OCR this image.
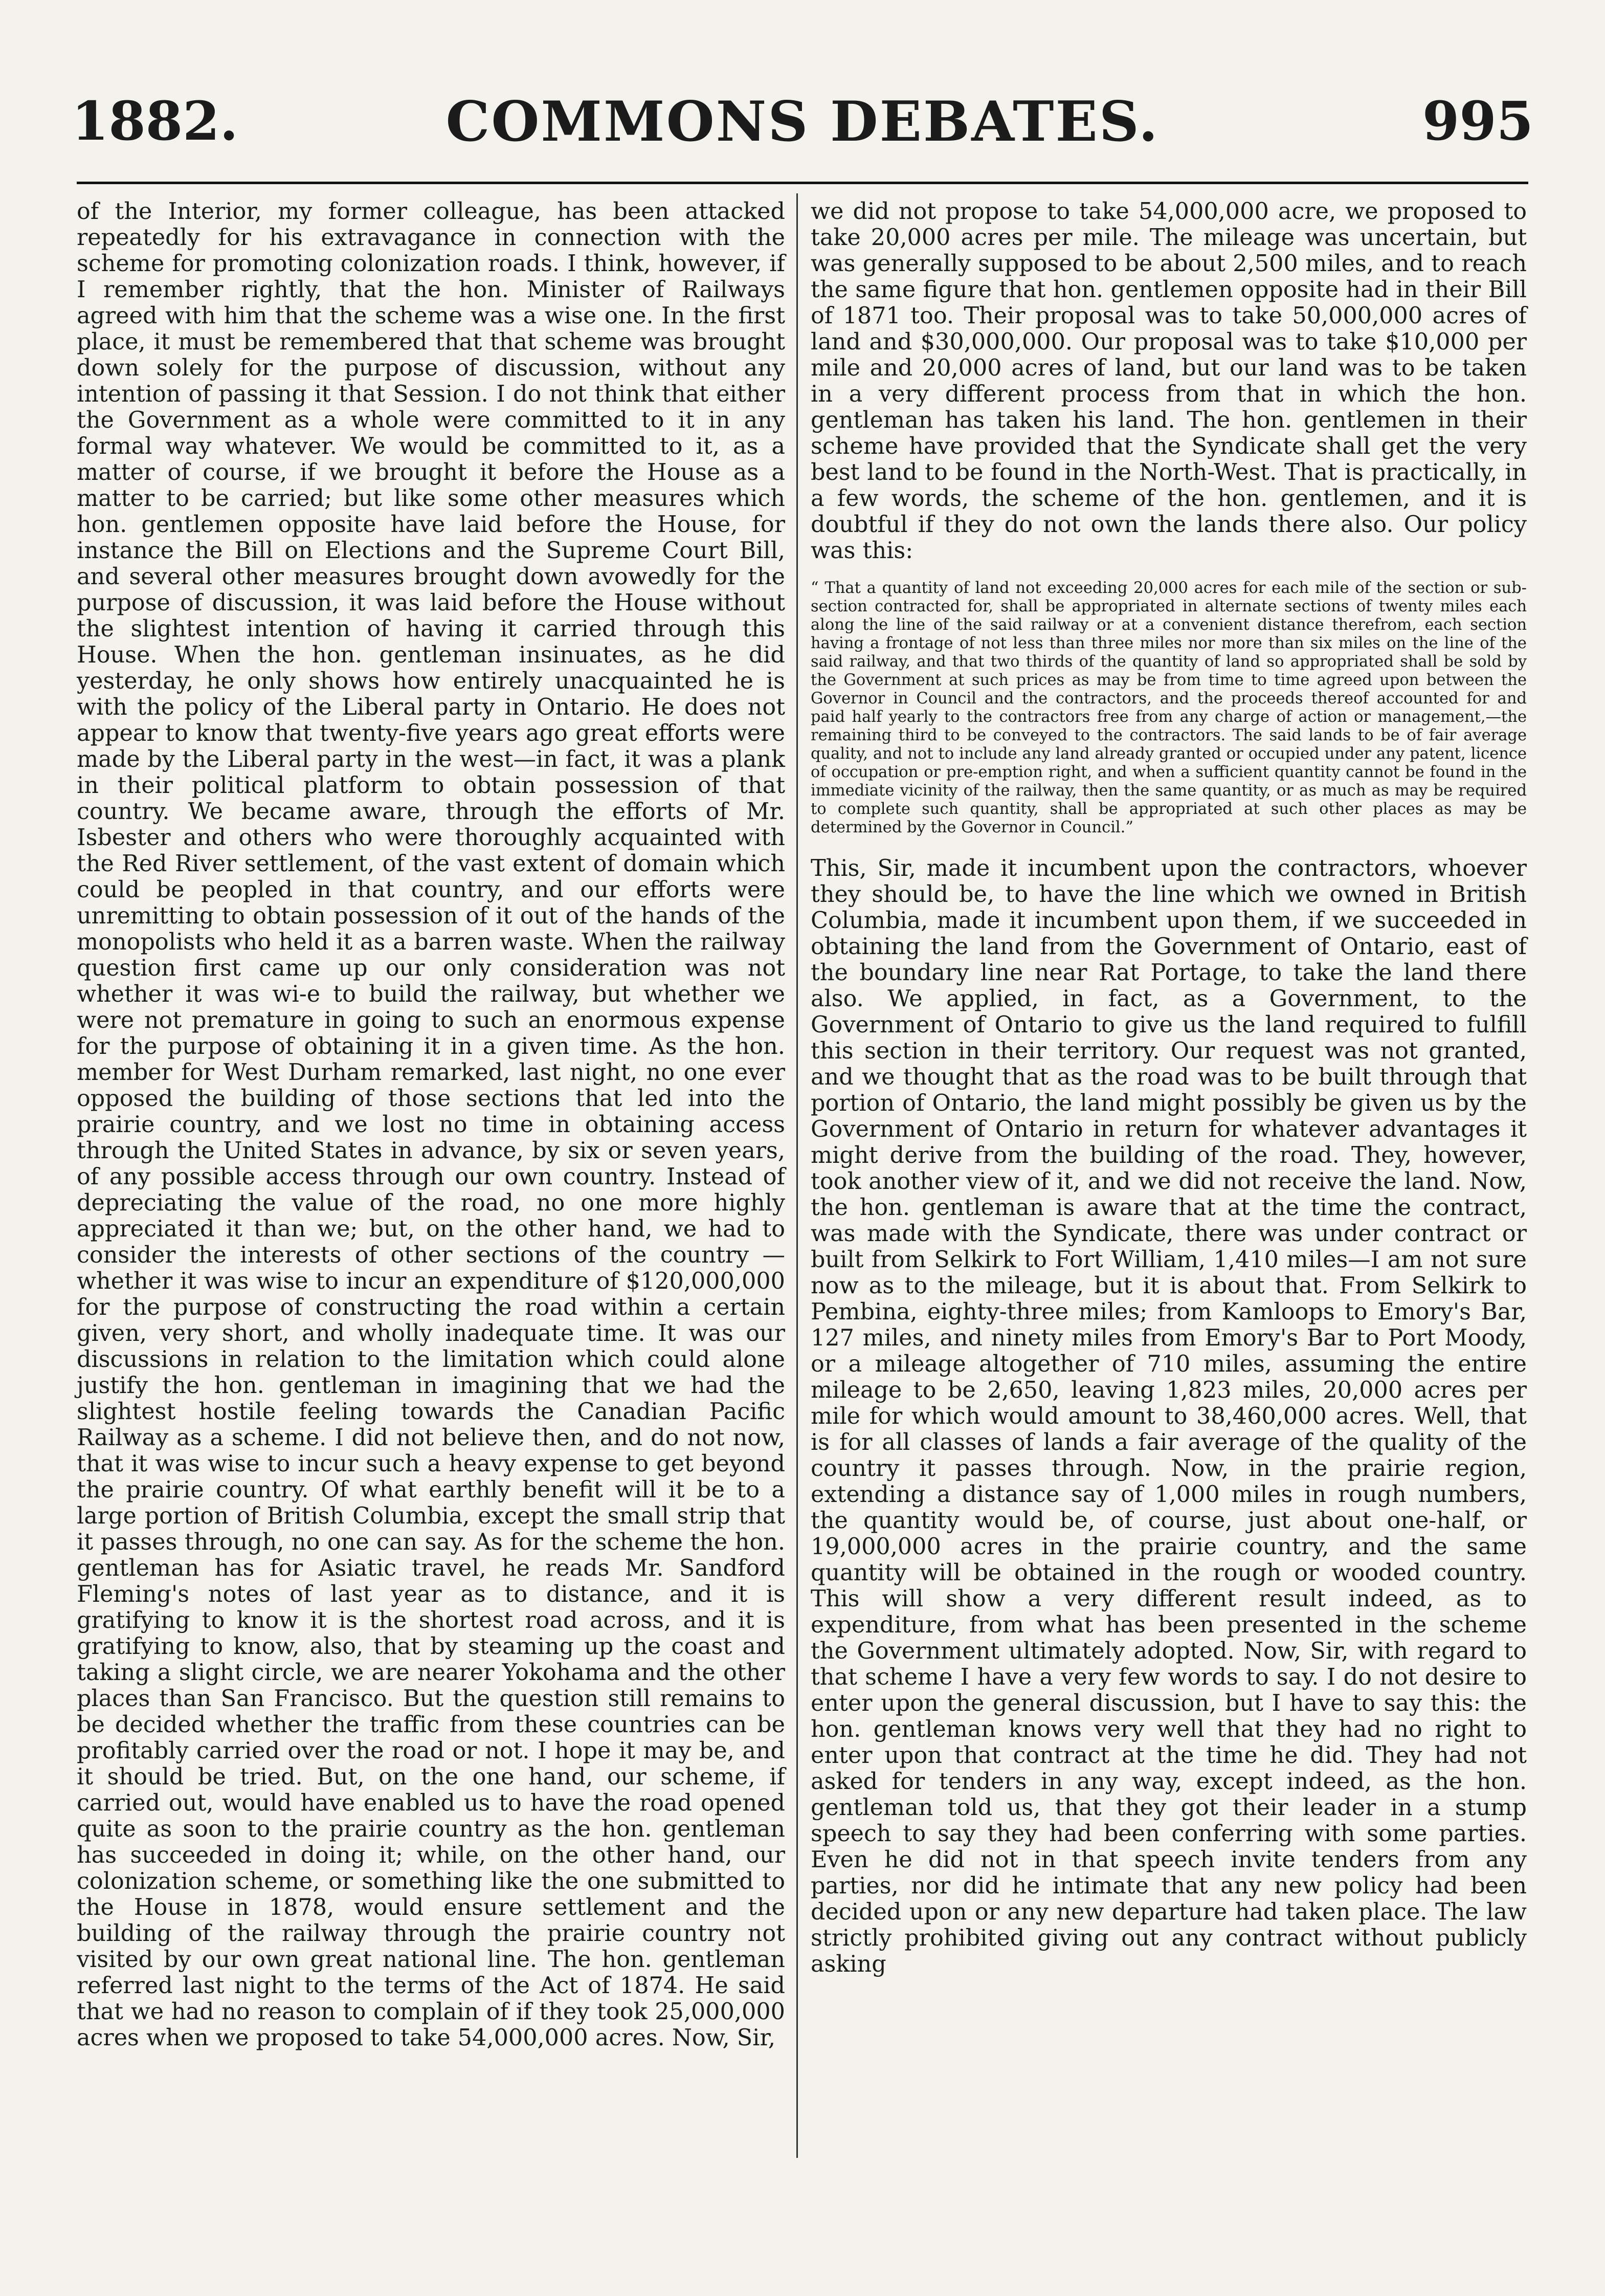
1882.	COMMONS DEBATES.	995

of the Interior, my former colleague, has been attacked repeatedly for his extravagance in connection with the scheme for promoting colonization roads. I think, however, if I remember rightly, that the hon. Minister of Railways agreed with him that the scheme was a wise one. In the first place, it must be remembered that that scheme was brought down solely for the purpose of discussion, without any intention of passing it that Session. I do not think that either the Government as a whole were committed to it in any formal way whatever. We would be committed to it, as a matter of course, if we brought it before the House as a matter to be carried; but like some other measures which hon. gentlemen opposite have laid before the House, for instance the Bill on Elections and the Supreme Court Bill, and several other measures brought down avowedly for the purpose of discussion, it was laid before the House without the slightest intention of having it carried through this House. When the hon. gentleman insinuates, as he did yesterday, he only shows how entirely unacquainted he is with the policy of the Liberal party in Ontario. He does not appear to know that twenty-five years ago great efforts were made by the Liberal party in the west—in fact, it was a plank in their political platform to obtain possession of that country. We became aware, through the efforts of Mr. Isbester and others who were thoroughly acquainted with the Red River settlement, of the vast extent of domain which could be peopled in that country, and our efforts were unremitting to obtain possession of it out of the hands of the monopolists who held it as a barren waste. When the railway question first came up our only consideration was not whether it was wi-e to build the railway, but whether we were not premature in going to such an enormous expense for the purpose of obtaining it in a given time. As the hon. member for West Durham remarked, last night, no one ever opposed the building of those sections that led into the prairie country, and we lost no time in obtaining access through the United States in advance, by six or seven years, of any possible access through our own country. Instead of depreciating the value of the road, no one more highly appreciated it than we; but, on the other hand, we had to consider the interests of other sections of the country — whether it was wise to incur an expenditure of $120,000,000 for the purpose of constructing the road within a certain given, very short, and wholly inadequate time. It was our discussions in relation to the limitation which could alone justify the hon. gentleman in imagining that we had the slightest hostile feeling towards the Canadian Pacific Railway as a scheme. I did not believe then, and do not now, that it was wise to incur such a heavy expense to get beyond the prairie country. Of what earthly benefit will it be to a large portion of British Columbia, except the small strip that it passes through, no one can say. As for the scheme the hon. gentleman has for Asiatic travel, he reads Mr. Sandford Fleming's notes of last year as to distance, and it is gratifying to know it is the shortest road across, and it is gratifying to know, also, that by steaming up the coast and taking a slight circle, we are nearer Yokohama and the other places than San Francisco. But the question still remains to be decided whether the traffic from these countries can be profitably carried over the road or not. I hope it may be, and it should be tried. But, on the one hand, our scheme, if carried out, would have enabled us to have the road opened quite as soon to the prairie country as the hon. gentleman has succeeded in doing it; while, on the other hand, our colonization scheme, or something like the one submitted to the House in 1878, would ensure settlement and the building of the railway through the prairie country not visited by our own great national line. The hon. gentleman referred last night to the terms of the Act of 1874. He said that we had no reason to complain of if they took 25,000,000 acres when we proposed to take 54,000,000 acres. Now, Sir,

we did not propose to take 54,000,000 acre, we proposed to take 20,000 acres per mile. The mileage was uncertain, but was generally supposed to be about 2,500 miles, and to reach the same figure that hon. gentlemen opposite had in their Bill of 1871 too. Their proposal was to take 50,000,000 acres of land and $30,000,000. Our proposal was to take $10,000 per mile and 20,000 acres of land, but our land was to be taken in a very different process from that in which the hon. gentleman has taken his land. The hon. gentlemen in their scheme have provided that the Syndicate shall get the very best land to be found in the North-West. That is practically, in a few words, the scheme of the hon. gentlemen, and it is doubtful if they do not own the lands there also. Our policy was this:

“ That a quantity of land not exceeding 20,000 acres for each mile of the section or sub-section contracted for, shall be appropriated in alternate sections of twenty miles each along the line of the said railway or at a convenient distance therefrom, each section having a frontage of not less than three miles nor more than six miles on the line of the said railway, and that two thirds of the quantity of land so appropriated shall be sold by the Government at such prices as may be from time to time agreed upon between the Governor in Council and the contractors, and the proceeds thereof accounted for and paid half yearly to the contractors free from any charge of action or management,—the remaining third to be conveyed to the contractors. The said lands to be of fair average quality, and not to include any land already granted or occupied under any patent, licence of occupation or pre-emption right, and when a sufficient quantity cannot be found in the immediate vicinity of the railway, then the same quantity, or as much as may be required to complete such quantity, shall be appropriated at such other places as may be determined by the Governor in Council.”

This, Sir, made it incumbent upon the contractors, whoever they should be, to have the line which we owned in British Columbia, made it incumbent upon them, if we succeeded in obtaining the land from the Government of Ontario, east of the boundary line near Rat Portage, to take the land there also. We applied, in fact, as a Government, to the Government of Ontario to give us the land required to fulfill this section in their territory. Our request was not granted, and we thought that as the road was to be built through that portion of Ontario, the land might possibly be given us by the Government of Ontario in return for whatever advantages it might derive from the building of the road. They, however, took another view of it, and we did not receive the land. Now, the hon. gentleman is aware that at the time the contract, was made with the Syndicate, there was under contract or built from Selkirk to Fort William, 1,410 miles—I am not sure now as to the mileage, but it is about that. From Selkirk to Pembina, eighty-three miles; from Kamloops to Emory's Bar, 127 miles, and ninety miles from Emory's Bar to Port Moody, or a mileage altogether of 710 miles, assuming the entire mileage to be 2,650, leaving 1,823 miles, 20,000 acres per mile for which would amount to 38,460,000 acres. Well, that is for all classes of lands a fair average of the quality of the country it passes through. Now, in the prairie region, extending a distance say of 1,000 miles in rough numbers, the quantity would be, of course, just about one-half, or 19,000,000 acres in the prairie country, and the same quantity will be obtained in the rough or wooded country. This will show a very different result indeed, as to expenditure, from what has been presented in the scheme the Government ultimately adopted. Now, Sir, with regard to that scheme I have a very few words to say. I do not desire to enter upon the general discussion, but I have to say this: the hon. gentleman knows very well that they had no right to enter upon that contract at the time he did. They had not asked for tenders in any way, except indeed, as the hon. gentleman told us, that they got their leader in a stump speech to say they had been conferring with some parties. Even he did not in that speech invite tenders from any parties, nor did he intimate that any new policy had been decided upon or any new departure had taken place. The law strictly prohibited giving out any contract without publicly asking
